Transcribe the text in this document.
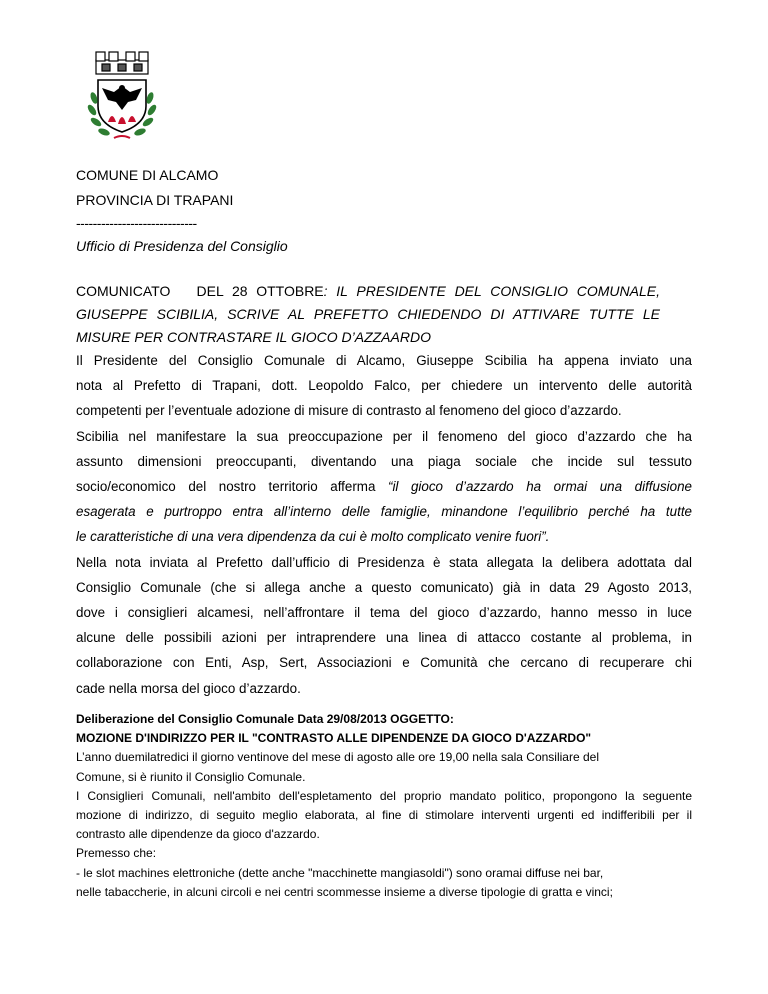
COMUNE DI ALCAMO
PROVINCIA DI TRAPANI
-----------------------------
Ufficio di Presidenza del Consiglio

COMUNICATO DEL 28 OTTOBRE: IL PRESIDENTE DEL CONSIGLIO COMUNALE,

GIUSEPPE SCIBILIA, SCRIVE AL PREFETTO CHIEDENDO DI ATTIVARE TUTTE LE

MISURE PER CONTRASTARE IL GIOCO D’AZZAARDO

Il Presidente del Consiglio Comunale di Alcamo, Giuseppe Scibilia ha appena inviato una
nota al Prefetto di Trapani, dott. Leopoldo Falco, per chiedere un intervento delle autorità
competenti per l’eventuale adozione di misure di contrasto al fenomeno del gioco d’azzardo.

Scibilia nel manifestare la sua preoccupazione per il fenomeno del gioco d’azzardo che ha
assunto dimensioni preoccupanti, diventando una piaga sociale che incide sul tessuto
socio/economico del nostro territorio afferma “il gioco d’azzardo ha ormai una diffusione
esagerata e purtroppo entra all’interno delle famiglie, minandone l’equilibrio perché ha tutte
le caratteristiche di una vera dipendenza da cui è molto complicato venire fuori”.

Nella nota inviata al Prefetto dall’ufficio di Presidenza è stata allegata la delibera adottata dal
Consiglio Comunale (che si allega anche a questo comunicato) già in data 29 Agosto 2013,
dove i consiglieri alcamesi, nell’affrontare il tema del gioco d’azzardo, hanno messo in luce
alcune delle possibili azioni per intraprendere una linea di attacco costante al problema, in
collaborazione con Enti, Asp, Sert, Associazioni e Comunità che cercano di recuperare chi
cade nella morsa del gioco d’azzardo.

Deliberazione del Consiglio Comunale Data 29/08/2013 OGGETTO:

MOZIONE D'INDIRIZZO PER IL "CONTRASTO ALLE DIPENDENZE DA GIOCO D'AZZARDO"

L’anno duemilatredici il giorno ventinove del mese di agosto alle ore 19,00 nella sala Consiliare del

Comune, si è riunito il Consiglio Comunale.

I Consiglieri Comunali, nell'ambito dell'espletamento del proprio mandato politico, propongono la seguente

mozione di indirizzo, di seguito meglio elaborata, al fine di stimolare interventi urgenti ed indifferibili per il

contrasto alle dipendenze da gioco d'azzardo.

Premesso che:

- le slot machines elettroniche (dette anche "macchinette mangiasoldi") sono oramai diffuse nei bar,

nelle tabaccherie, in alcuni circoli e nei centri scommesse insieme a diverse tipologie di gratta e vinci;
